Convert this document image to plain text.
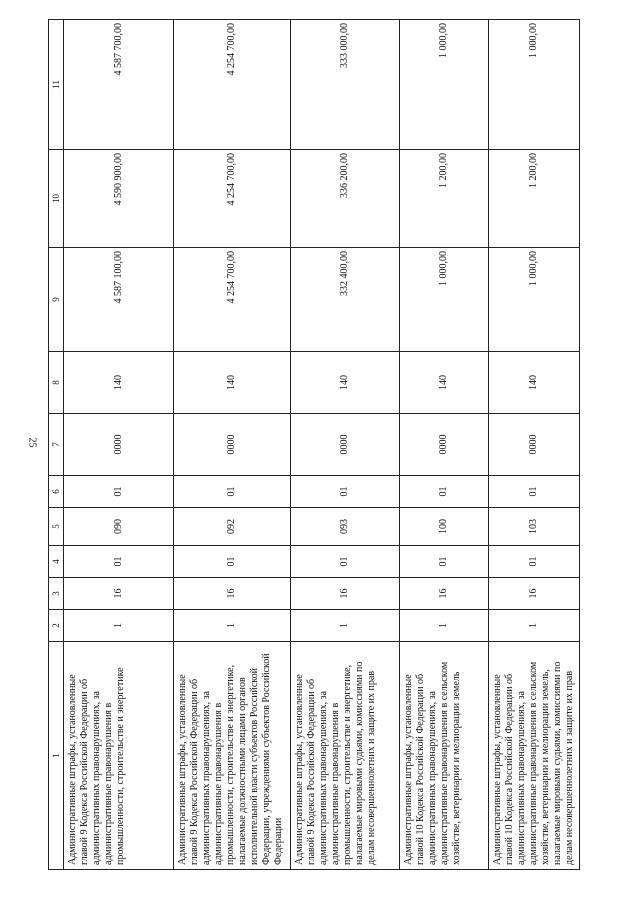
25
1	2	3	4	5	6	7	8	9	10	11
Административные штрафы, установленные главой 9 Кодекса Российской Федерации об административных правонарушениях, за административные правонарушения в промышленности, строительстве и энергетике	1	16	01	090	01	0000	140	4 587 100,00	4 590 900,00	4 587 700,00
Административные штрафы, установленные главой 9 Кодекса Российской Федерации об административных правонарушениях, за административные правонарушения в промышленности, строительстве и энергетике, налагаемые должностными лицами органов исполнительной власти субъектов Российской Федерации, учреждениями субъектов Российской Федерации	1	16	01	092	01	0000	140	4 254 700,00	4 254 700,00	4 254 700,00
Административные штрафы, установленные главой 9 Кодекса Российской Федерации об административных правонарушениях, за административные правонарушения в промышленности, строительстве и энергетике, налагаемые мировыми судьями, комиссиями по делам несовершеннолетних и защите их прав	1	16	01	093	01	0000	140	332 400,00	336 200,00	333 000,00
Административные штрафы, установленные главой 10 Кодекса Российской Федерации об административных правонарушениях, за административные правонарушения в сельском хозяйстве, ветеринарии и мелиорации земель	1	16	01	100	01	0000	140	1 000,00	1 200,00	1 000,00
Административные штрафы, установленные главой 10 Кодекса Российской Федерации об административных правонарушениях, за административные правонарушения в сельском хозяйстве, ветеринарии и мелиорации земель, налагаемые мировыми судьями, комиссиями по делам несовершеннолетних и защите их прав	1	16	01	103	01	0000	140	1 000,00	1 200,00	1 000,00
